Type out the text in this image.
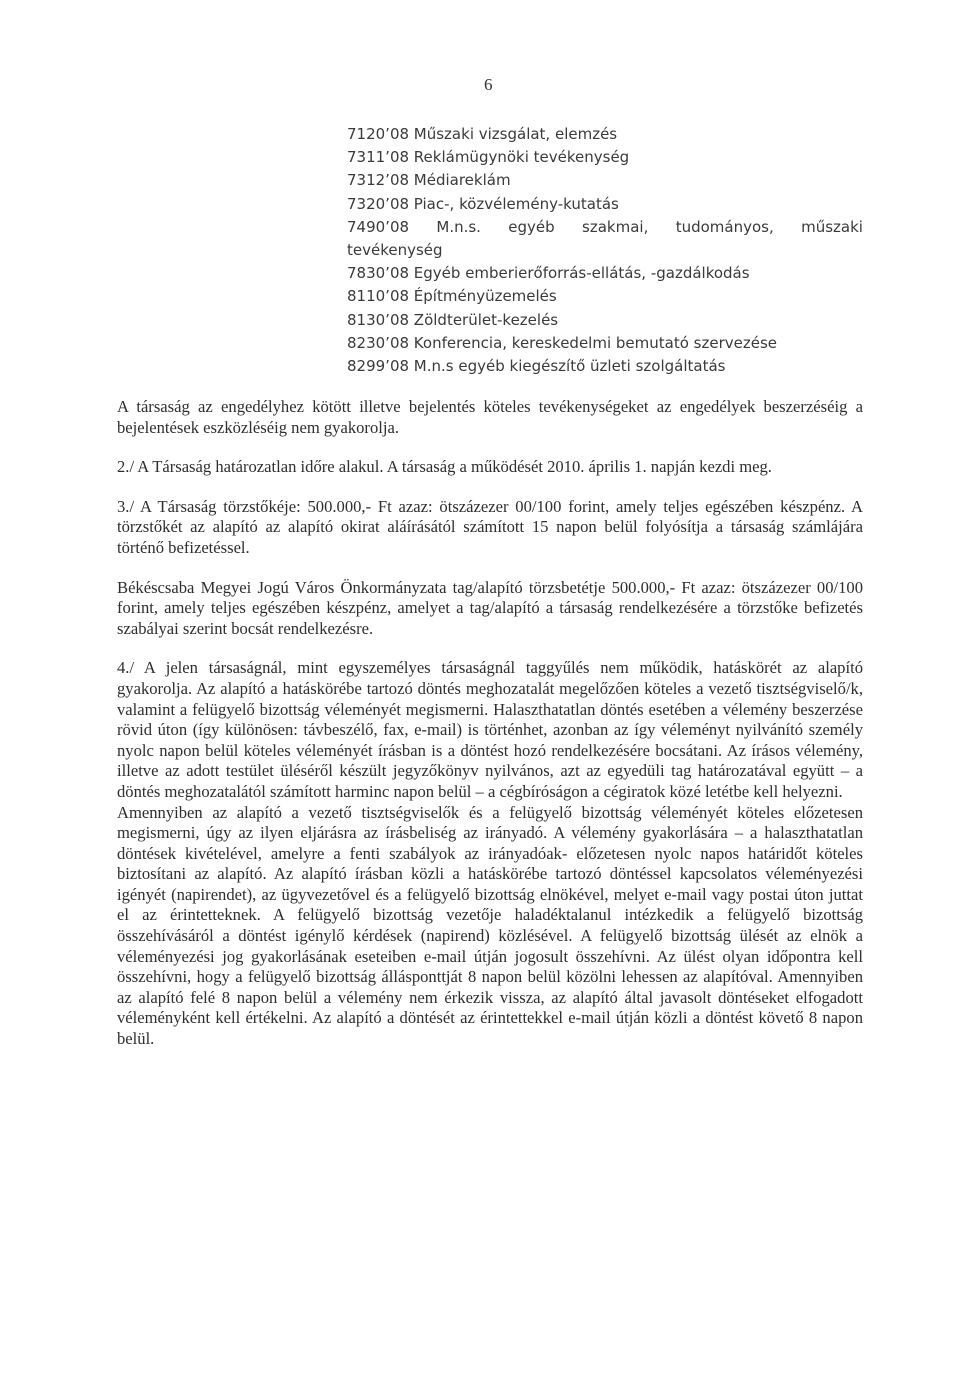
6
7120’08 Műszaki vizsgálat, elemzés
7311’08 Reklámügynöki tevékenység
7312’08 Médiareklám
7320’08 Piac-, közvélemény-kutatás
7490’08 M.n.s. egyéb szakmai, tudományos, műszaki
tevékenység
7830’08 Egyéb emberierőforrás-ellátás, -gazdálkodás
8110’08 Építményüzemelés
8130’08 Zöldterület-kezelés
8230’08 Konferencia, kereskedelmi bemutató szervezése
8299’08 M.n.s egyéb kiegészítő üzleti szolgáltatás

A társaság az engedélyhez kötött illetve bejelentés köteles tevékenységeket az engedélyek beszerzéséig a bejelentések eszközléséig nem gyakorolja.

2./ A Társaság határozatlan időre alakul. A társaság a működését 2010. április 1. napján kezdi meg.

3./ A Társaság törzstőkéje: 500.000,- Ft azaz: ötszázezer 00/100 forint, amely teljes egészében készpénz. A törzstőkét az alapító az alapító okirat aláírásától számított 15 napon belül folyósítja a társaság számlájára történő befizetéssel.

Békéscsaba Megyei Jogú Város Önkormányzata tag/alapító törzsbetétje 500.000,- Ft azaz: ötszázezer 00/100 forint, amely teljes egészében készpénz, amelyet a tag/alapító a társaság rendelkezésére a törzstőke befizetés szabályai szerint bocsát rendelkezésre.

4./ A jelen társaságnál, mint egyszemélyes társaságnál taggyűlés nem működik, hatáskörét az alapító gyakorolja. Az alapító a hatáskörébe tartozó döntés meghozatalát megelőzően köteles a vezető tisztségviselő/k, valamint a felügyelő bizottság véleményét megismerni. Halaszthatatlan döntés esetében a vélemény beszerzése rövid úton (így különösen: távbeszélő, fax, e-mail) is történhet, azonban az így véleményt nyilvánító személy nyolc napon belül köteles véleményét írásban is a döntést hozó rendelkezésére bocsátani. Az írásos vélemény, illetve az adott testület üléséről készült jegyzőkönyv nyilvános, azt az egyedüli tag határozatával együtt – a döntés meghozatalától számított harminc napon belül – a cégbíróságon a cégiratok közé letétbe kell helyezni.

Amennyiben az alapító a vezető tisztségviselők és a felügyelő bizottság véleményét köteles előzetesen megismerni, úgy az ilyen eljárásra az írásbeliség az irányadó. A vélemény gyakorlására – a halaszthatatlan döntések kivételével, amelyre a fenti szabályok az irányadóak- előzetesen nyolc napos határidőt köteles biztosítani az alapító. Az alapító írásban közli a hatáskörébe tartozó döntéssel kapcsolatos véleményezési igényét (napirendet), az ügyvezetővel és a felügyelő bizottság elnökével, melyet e-mail vagy postai úton juttat el az érintetteknek. A felügyelő bizottság vezetője haladéktalanul intézkedik a felügyelő bizottság összehívásáról a döntést igénylő kérdések (napirend) közlésével. A felügyelő bizottság ülését az elnök a véleményezési jog gyakorlásának eseteiben e-mail útján jogosult összehívni. Az ülést olyan időpontra kell összehívni, hogy a felügyelő bizottság állásponttját 8 napon belül közölni lehessen az alapítóval. Amennyiben az alapító felé 8 napon belül a vélemény nem érkezik vissza, az alapító által javasolt döntéseket elfogadott véleményként kell értékelni. Az alapító a döntését az érintettekkel e-mail útján közli a döntést követő 8 napon belül.
